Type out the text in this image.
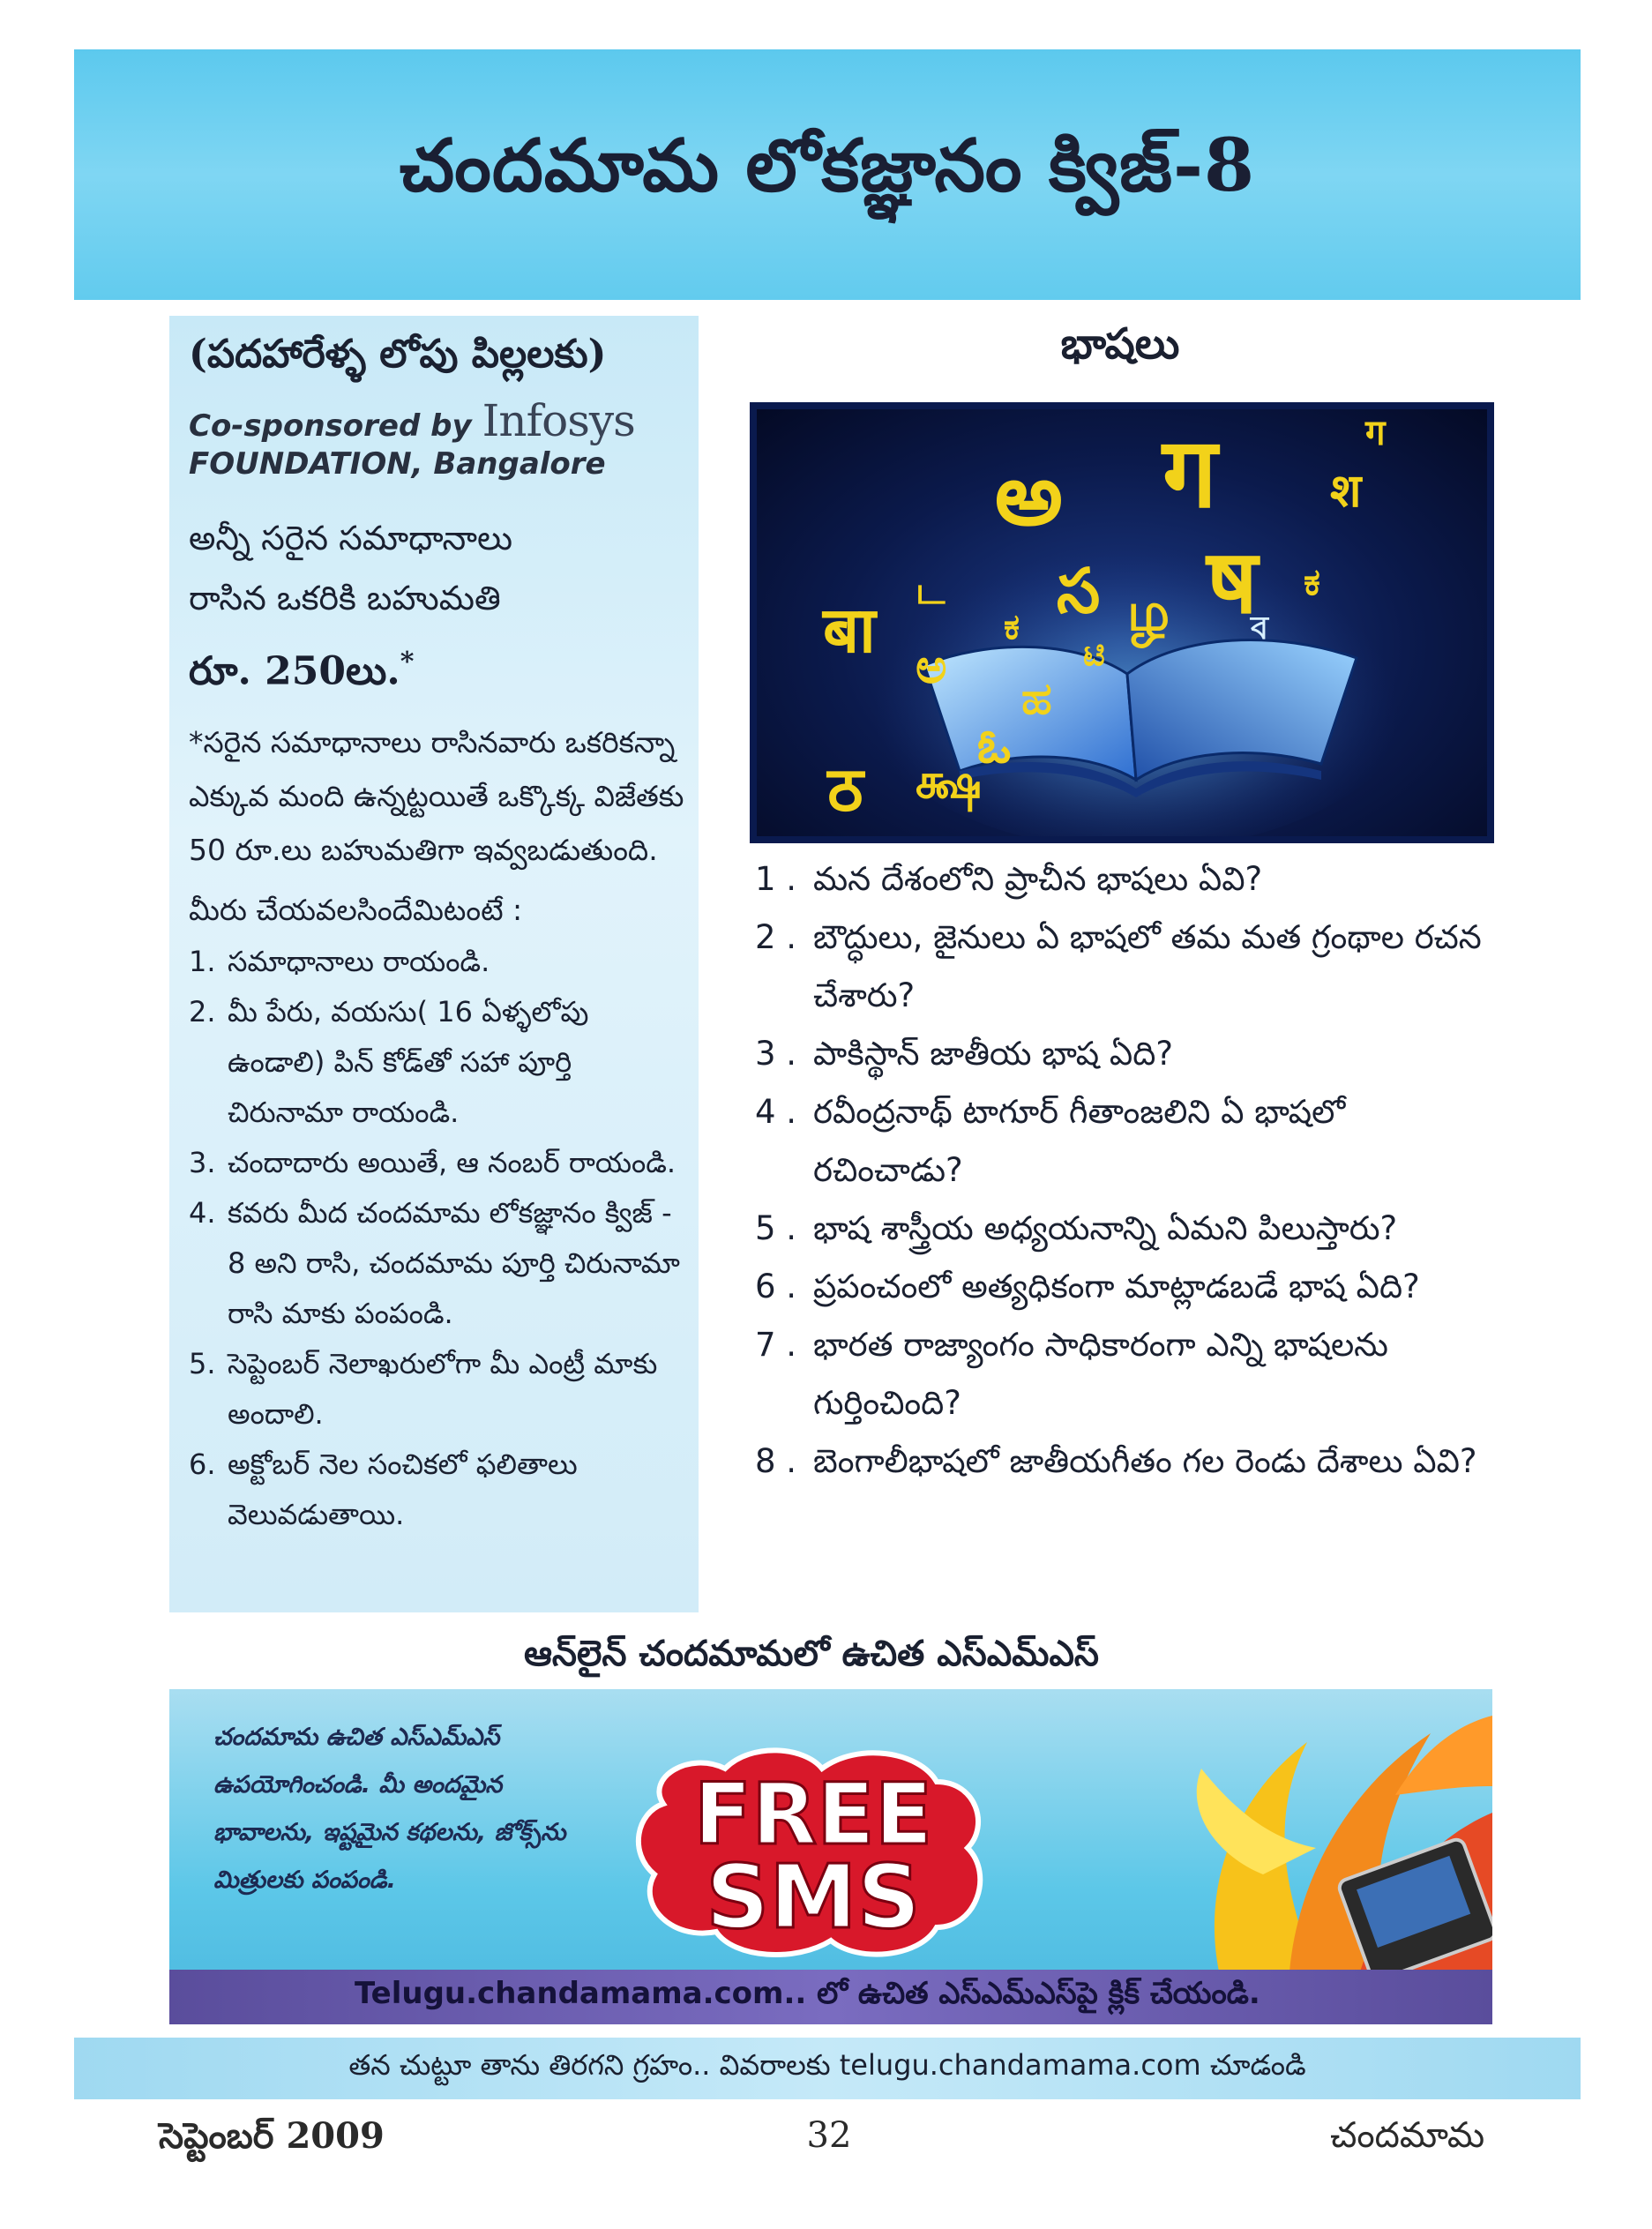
చందమామ లోకజ్ఞానం క్విజ్-8
(పదహారేళ్ళ లోపు పిల్లలకు)
Co-sponsored by Infosys
FOUNDATION, Bangalore
అన్నీ సరైన సమాధానాలు
రాసిన ఒకరికి బహుమతి
రూ. 250లు.*
*సరైన సమాధానాలు రాసినవారు ఒకరికన్నా ఎక్కువ మంది ఉన్నట్టయితే ఒక్కొక్క విజేతకు 50 రూ.లు బహుమతిగా ఇవ్వబడుతుంది.
మీరు చేయవలసిందేమిటంటే :
1. సమాధానాలు రాయండి.
2. మీ పేరు, వయసు( 16 ఏళ్ళలోపు ఉండాలి) పిన్ కోడ్‌తో సహా పూర్తి చిరునామా రాయండి.
3. చందాదారు అయితే, ఆ నంబర్ రాయండి.
4. కవరు మీద చందమామ లోకజ్ఞానం క్విజ్ - 8 అని రాసి, చందమామ పూర్తి చిరునామా రాసి మాకు పంపండి.
5. సెప్టెంబర్ నెలాఖరులోగా మీ ఎంట్రీ మాకు అందాలి.
6. అక్టోబర్ నెల సంచికలో ఫలితాలు వెలువడుతాయి.
భాషలు
అ ग
ष
श
ग
ಕ
ব
స ழ
बा ಅ
ட
ಕ
ಹ
ఓ
ठ க்ஷ
ಟಿ
1 . మన దేశంలోని ప్రాచీన భాషలు ఏవి?
2 . బౌద్ధులు, జైనులు ఏ భాషలో తమ మత గ్రంథాల రచన చేశారు?
3 . పాకిస్థాన్ జాతీయ భాష ఏది?
4 . రవీంద్రనాథ్ టాగూర్ గీతాంజలిని ఏ భాషలో రచించాడు?
5 . భాష శాస్త్రీయ అధ్యయనాన్ని ఏమని పిలుస్తారు?
6 . ప్రపంచంలో అత్యధికంగా మాట్లాడబడే భాష ఏది?
7 . భారత రాజ్యాంగం సాధికారంగా ఎన్ని భాషలను గుర్తించింది?
8 . బెంగాలీభాషలో జాతీయగీతం గల రెండు దేశాలు ఏవి?
ఆన్‌లైన్ చందమామలో ఉచిత ఎస్ఎమ్ఎస్
చందమామ ఉచిత ఎస్ఎమ్ఎస్ ఉపయోగించండి. మీ అందమైన భావాలను, ఇష్టమైన కథలను, జోక్స్‌ను మిత్రులకు పంపండి.
FREE
SMS
Telugu.chandamama.com.. లో ఉచిత ఎస్ఎమ్ఎస్‌పై క్లిక్ చేయండి.
తన చుట్టూ తాను తిరగని గ్రహం.. వివరాలకు telugu.chandamama.com చూడండి
సెప్టెంబర్ 2009	32	చందమామ
